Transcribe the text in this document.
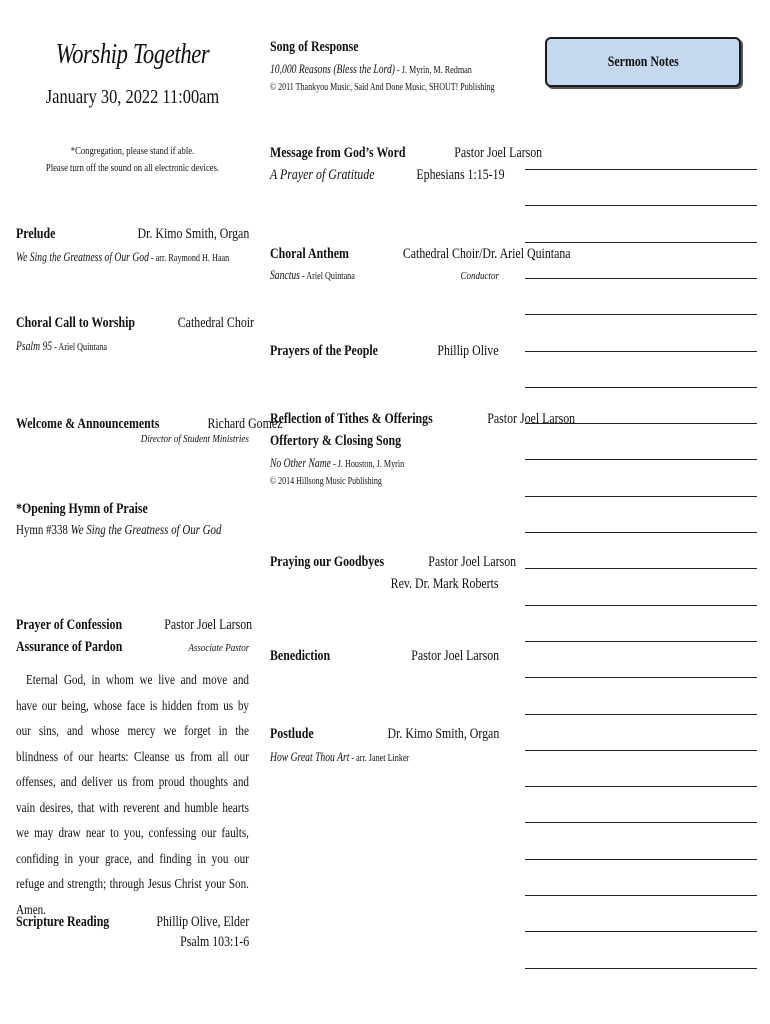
Worship Together
January 30, 2022 11:00am
*Congregation, please stand if able.
Please turn off the sound on all electronic devices.
Prelude	Dr. Kimo Smith, Organ
We Sing the Greatness of Our God - arr. Raymond H. Haan
Choral Call to Worship	Cathedral Choir
Psalm 95 - Ariel Quintana
Welcome & Announcements	Richard Gomez
Director of Student Ministries
*Opening Hymn of Praise
Hymn #338 We Sing the Greatness of Our God
Prayer of Confession	Pastor Joel Larson
Assurance of Pardon	Associate Pastor
Eternal God, in whom we live and move and have our being, whose face is hidden from us by our sins, and whose mercy we forget in the blindness of our hearts: Cleanse us from all our offenses, and deliver us from proud thoughts and vain desires, that with reverent and humble hearts we may draw near to you, confessing our faults, confiding in your grace, and finding in you our refuge and strength; through Jesus Christ your Son. Amen.
Scripture Reading	Phillip Olive, Elder
Psalm 103:1-6
Song of Response
10,000 Reasons (Bless the Lord) - J. Myrin, M. Redman
© 2011 Thankyou Music, Said And Done Music, SHOUT! Publishing
Message from God’s Word	Pastor Joel Larson
A Prayer of Gratitude	Ephesians 1:15-19
Choral Anthem	Cathedral Choir/Dr. Ariel Quintana
Sanctus - Ariel Quintana	Conductor
Prayers of the People	Phillip Olive
Reflection of Tithes & Offerings	Pastor Joel Larson
Offertory & Closing Song
No Other Name - J. Houston, J. Myrin
© 2014 Hillsong Music Publishing
Praying our Goodbyes	Pastor Joel Larson
Rev. Dr. Mark Roberts
Benediction	Pastor Joel Larson
Postlude	Dr. Kimo Smith, Organ
How Great Thou Art - arr. Janet Linker
Sermon Notes
